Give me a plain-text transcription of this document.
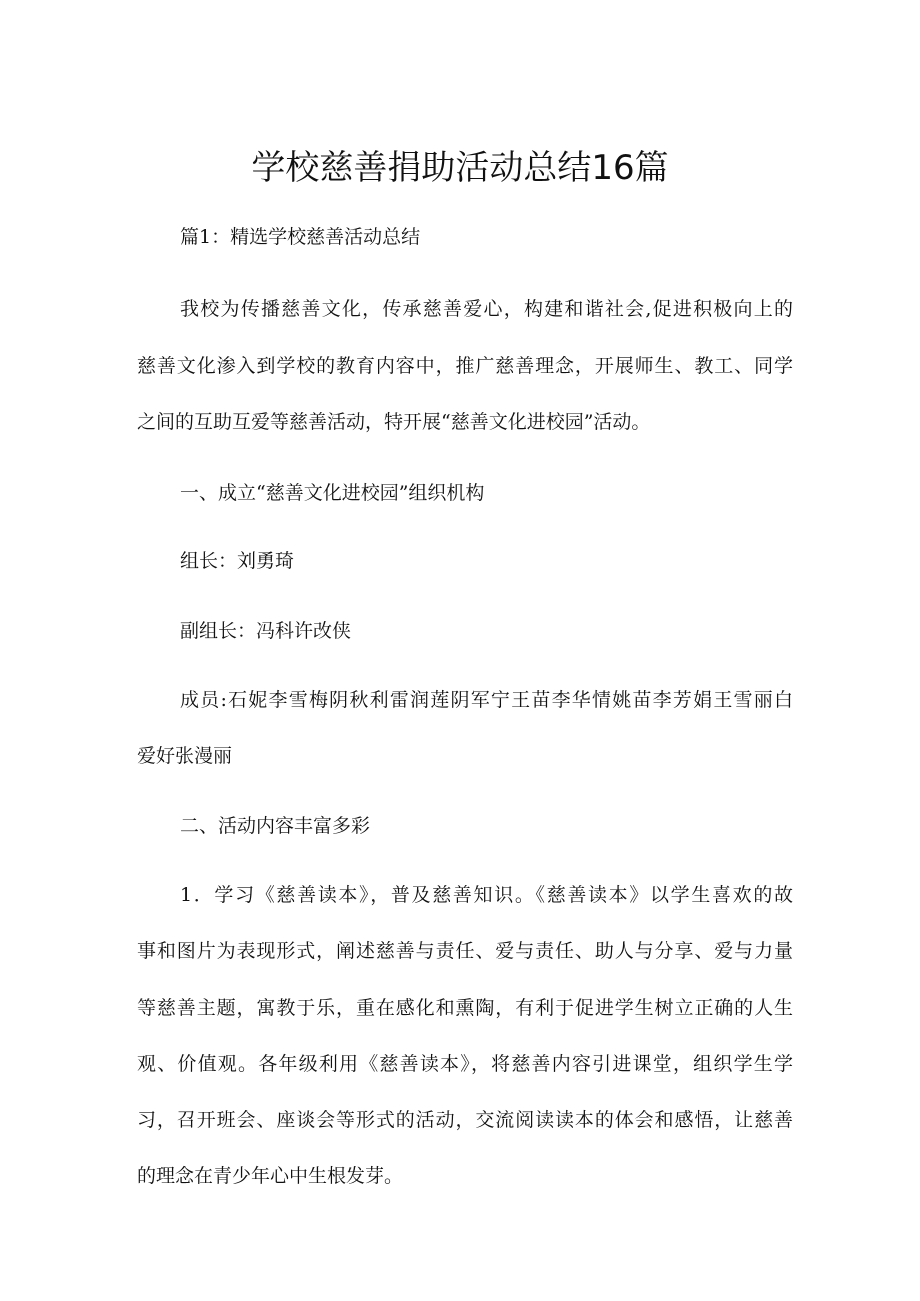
学校慈善捐助活动总结16篇

篇1：精选学校慈善活动总结

我校为传播慈善文化，传承慈善爱心，构建和谐社会,促进积极向上的

慈善文化渗入到学校的教育内容中，推广慈善理念，开展师生、教工、同学

之间的互助互爱等慈善活动，特开展“慈善文化进校园”活动。

一、成立“慈善文化进校园”组织机构

组长：刘勇琦

副组长：冯科许改侠

成员:石妮李雪梅阴秋利雷润莲阴军宁王苗李华情姚苗李芳娟王雪丽白

爱好张漫丽

二、活动内容丰富多彩

1．学习《慈善读本》，普及慈善知识。《慈善读本》以学生喜欢的故

事和图片为表现形式，阐述慈善与责任、爱与责任、助人与分享、爱与力量

等慈善主题，寓教于乐，重在感化和熏陶，有利于促进学生树立正确的人生

观、价值观。各年级利用《慈善读本》，将慈善内容引进课堂，组织学生学

习，召开班会、座谈会等形式的活动，交流阅读读本的体会和感悟，让慈善

的理念在青少年心中生根发芽。
